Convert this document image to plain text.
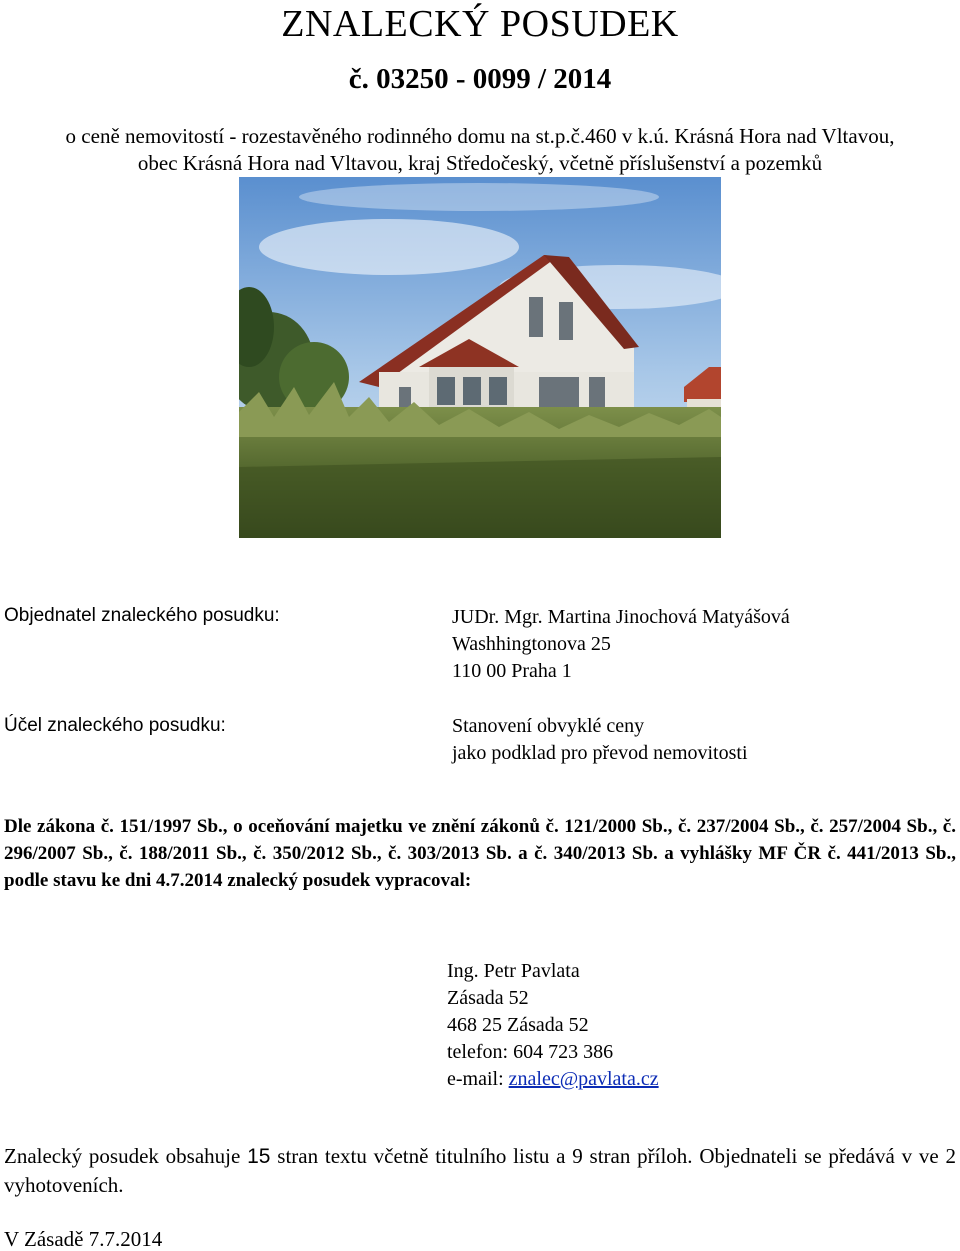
ZNALECKÝ POSUDEK
č. 03250 - 0099 / 2014
o ceně nemovitostí - rozestavěného rodinného domu na st.p.č.460 v k.ú. Krásná Hora nad Vltavou,
obec Krásná Hora nad Vltavou, kraj Středočeský, včetně příslušenství a pozemků
Objednatel znaleckého posudku:	JUDr. Mgr. Martina Jinochová Matyášová
Washhingtonova 25
110 00 Praha 1
Účel znaleckého posudku:	Stanovení obvyklé ceny
jako podklad pro převod nemovitosti
Dle zákona č. 151/1997 Sb., o oceňování majetku ve znění zákonů č. 121/2000 Sb., č. 237/2004 Sb., č. 257/2004 Sb., č. 296/2007 Sb., č. 188/2011 Sb., č. 350/2012 Sb., č. 303/2013 Sb. a č. 340/2013 Sb. a vyhlášky MF ČR č. 441/2013 Sb., podle stavu ke dni 4.7.2014 znalecký posudek vypracoval:
Ing. Petr Pavlata
Zásada 52
468 25 Zásada 52
telefon: 604 723 386
e-mail: znalec@pavlata.cz
Znalecký posudek obsahuje 15 stran textu včetně titulního listu a 9 stran příloh. Objednateli se předává v ve 2 vyhotoveních.
V Zásadě 7.7.2014
